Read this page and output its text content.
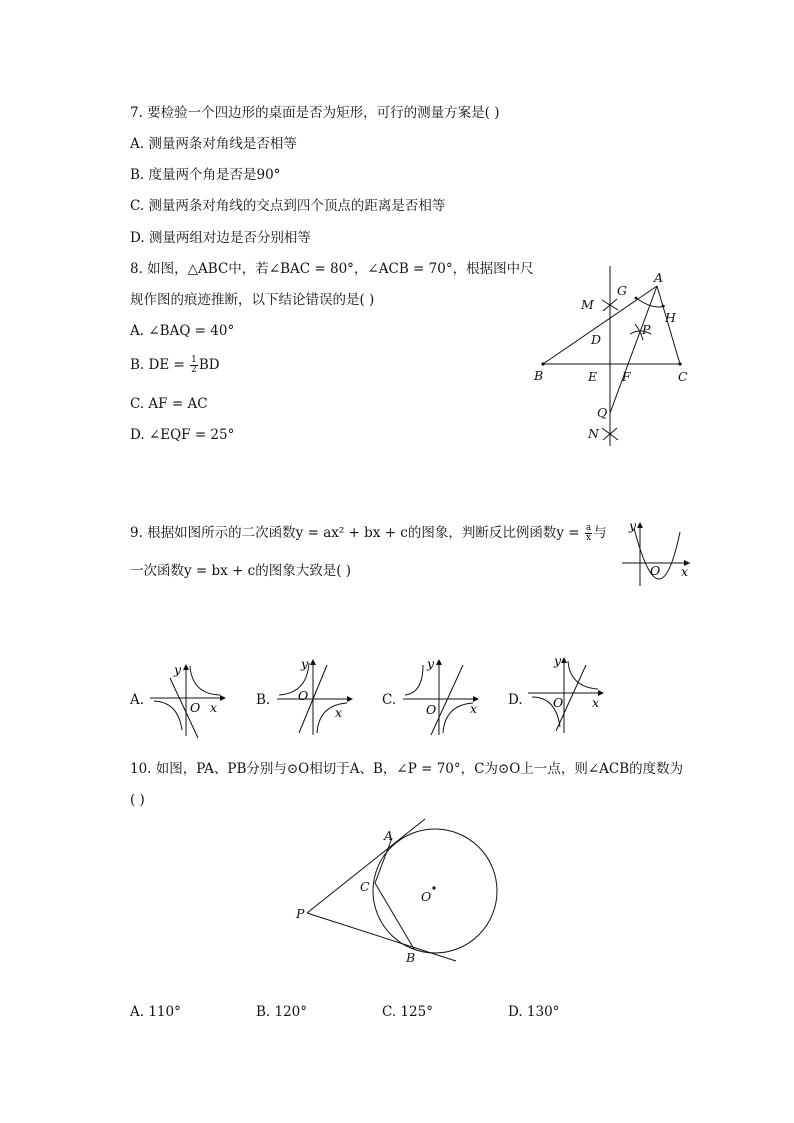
7. 要检验一个四边形的桌面是否为矩形，可行的测量方案是( )
A. 测量两条对角线是否相等
B. 度量两个角是否是90°
C. 测量两条对角线的交点到四个顶点的距离是否相等
D. 测量两组对边是否分别相等
8. 如图，△ABC中，若∠BAC = 80°，∠ACB = 70°，根据图中尺
规作图的痕迹推断，以下结论错误的是( )
A. ∠BAQ = 40°
B. DE = $\frac{1}{2}$ BD
C. AF = AC
D. ∠EQF = 25°
A
B	C
D
E F
G
H
M
N
P
Q
9. 根据如图所示的二次函数y = ax² + bx + c的图象，判断反比例函数$y = \frac{a}{x}$ 与
一次函数y = bx + c的图象大致是( )
y
O x
A.
y
O x	B.
y
O
x
C.
y
O	x
D.
y
O x
10. 如图，PA、PB分别与⊙O相切于A、B，∠P = 70°，C为⊙O上一点，则∠ACB的度数为
( )
A
B
C
O
P
A. 110°	B. 120°	C. 125°	D. 130°
